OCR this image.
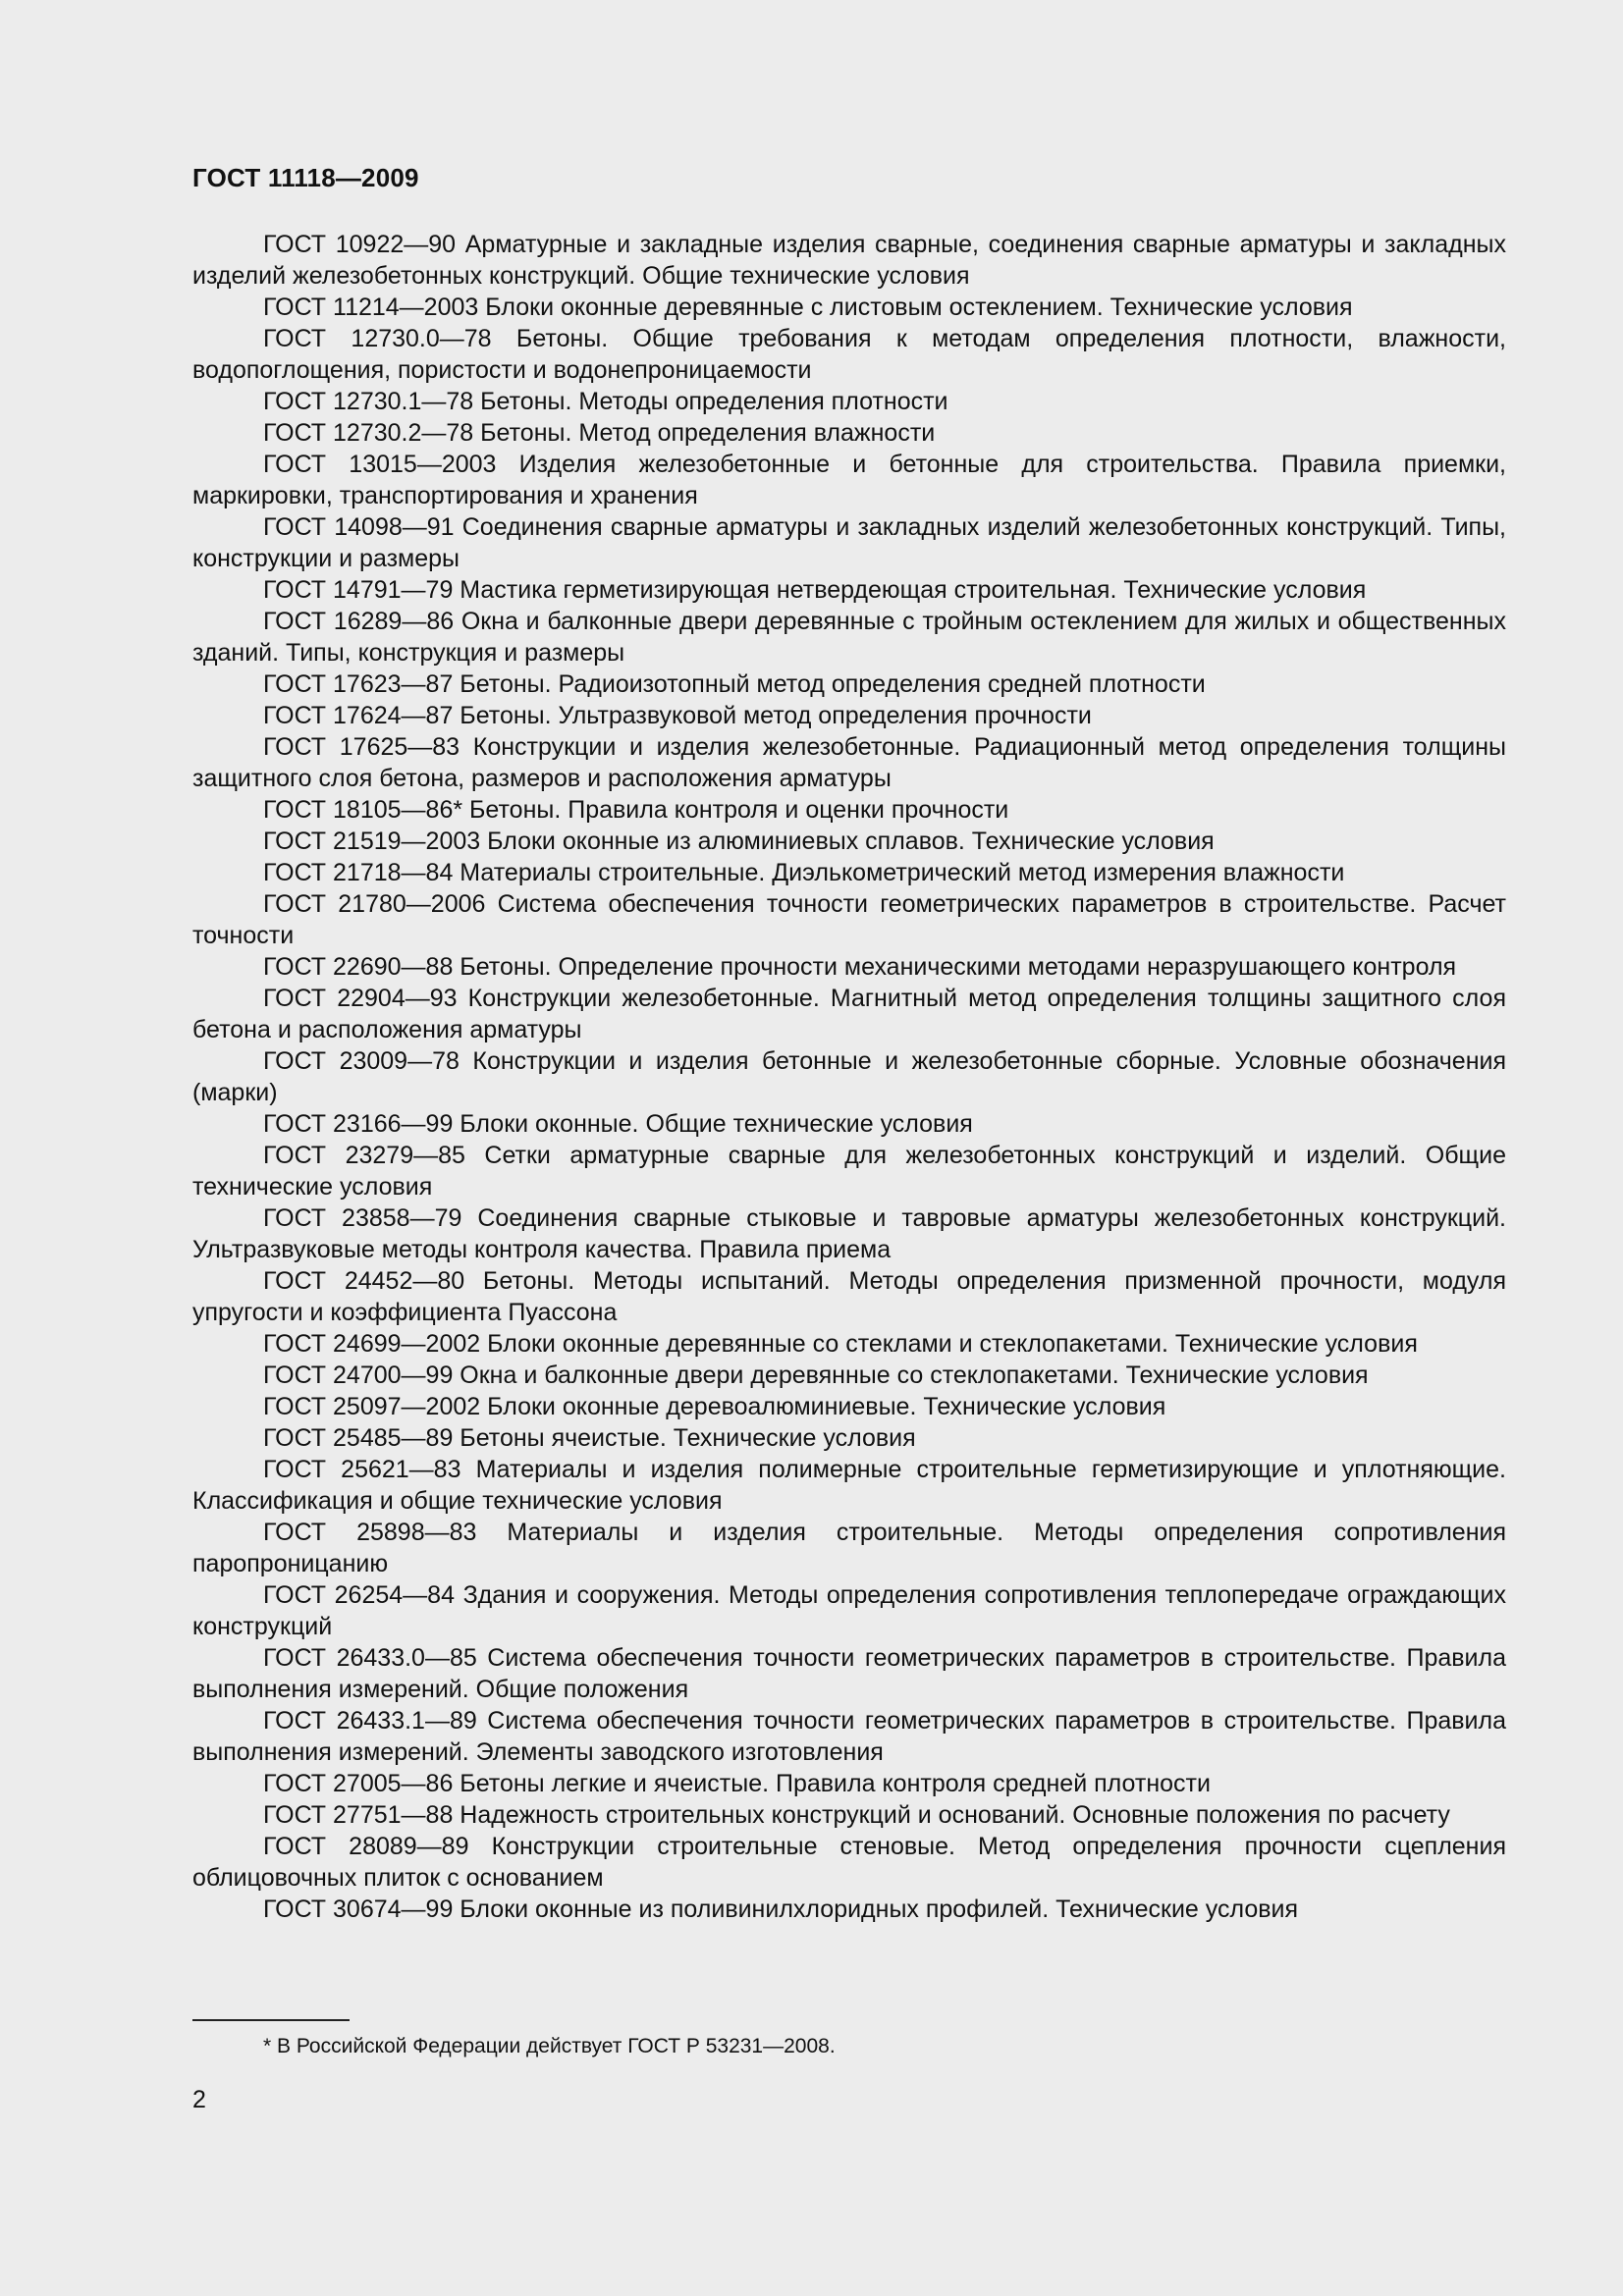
ГОСТ 11118—2009

ГОСТ 10922—90 Арматурные и закладные изделия сварные, соединения сварные арматуры и закладных изделий железобетонных конструкций. Общие технические условия

ГОСТ 11214—2003 Блоки оконные деревянные с листовым остеклением. Технические условия

ГОСТ 12730.0—78 Бетоны. Общие требования к методам определения плотности, влажности, водопоглощения, пористости и водонепроницаемости

ГОСТ 12730.1—78 Бетоны. Методы определения плотности

ГОСТ 12730.2—78 Бетоны. Метод определения влажности

ГОСТ 13015—2003 Изделия железобетонные и бетонные для строительства. Правила приемки, маркировки, транспортирования и хранения

ГОСТ 14098—91 Соединения сварные арматуры и закладных изделий железобетонных конструкций. Типы, конструкции и размеры

ГОСТ 14791—79 Мастика герметизирующая нетвердеющая строительная. Технические условия

ГОСТ 16289—86 Окна и балконные двери деревянные с тройным остеклением для жилых и общественных зданий. Типы, конструкция и размеры

ГОСТ 17623—87 Бетоны. Радиоизотопный метод определения средней плотности

ГОСТ 17624—87 Бетоны. Ультразвуковой метод определения прочности

ГОСТ 17625—83 Конструкции и изделия железобетонные. Радиационный метод определения толщины защитного слоя бетона, размеров и расположения арматуры

ГОСТ 18105—86* Бетоны. Правила контроля и оценки прочности

ГОСТ 21519—2003 Блоки оконные из алюминиевых сплавов. Технические условия

ГОСТ 21718—84 Материалы строительные. Диэлькометрический метод измерения влажности

ГОСТ 21780—2006 Система обеспечения точности геометрических параметров в строительстве. Расчет точности

ГОСТ 22690—88 Бетоны. Определение прочности механическими методами неразрушающего контроля

ГОСТ 22904—93 Конструкции железобетонные. Магнитный метод определения толщины защитного слоя бетона и расположения арматуры

ГОСТ 23009—78 Конструкции и изделия бетонные и железобетонные сборные. Условные обозначения (марки)

ГОСТ 23166—99 Блоки оконные. Общие технические условия

ГОСТ 23279—85 Сетки арматурные сварные для железобетонных конструкций и изделий. Общие технические условия

ГОСТ 23858—79 Соединения сварные стыковые и тавровые арматуры железобетонных конструкций. Ультразвуковые методы контроля качества. Правила приема

ГОСТ 24452—80 Бетоны. Методы испытаний. Методы определения призменной прочности, модуля упругости и коэффициента Пуассона

ГОСТ 24699—2002 Блоки оконные деревянные со стеклами и стеклопакетами. Технические условия

ГОСТ 24700—99 Окна и балконные двери деревянные со стеклопакетами. Технические условия

ГОСТ 25097—2002 Блоки оконные деревоалюминиевые. Технические условия

ГОСТ 25485—89 Бетоны ячеистые. Технические условия

ГОСТ 25621—83 Материалы и изделия полимерные строительные герметизирующие и уплотняющие. Классификация и общие технические условия

ГОСТ 25898—83 Материалы и изделия строительные. Методы определения сопротивления паропроницанию

ГОСТ 26254—84 Здания и сооружения. Методы определения сопротивления теплопередаче ограждающих конструкций

ГОСТ 26433.0—85 Система обеспечения точности геометрических параметров в строительстве. Правила выполнения измерений. Общие положения

ГОСТ 26433.1—89 Система обеспечения точности геометрических параметров в строительстве. Правила выполнения измерений. Элементы заводского изготовления

ГОСТ 27005—86 Бетоны легкие и ячеистые. Правила контроля средней плотности

ГОСТ 27751—88 Надежность строительных конструкций и оснований. Основные положения по расчету

ГОСТ 28089—89 Конструкции строительные стеновые. Метод определения прочности сцепления облицовочных плиток с основанием

ГОСТ 30674—99 Блоки оконные из поливинилхлоридных профилей. Технические условия

* В Российской Федерации действует ГОСТ Р 53231—2008.
2
